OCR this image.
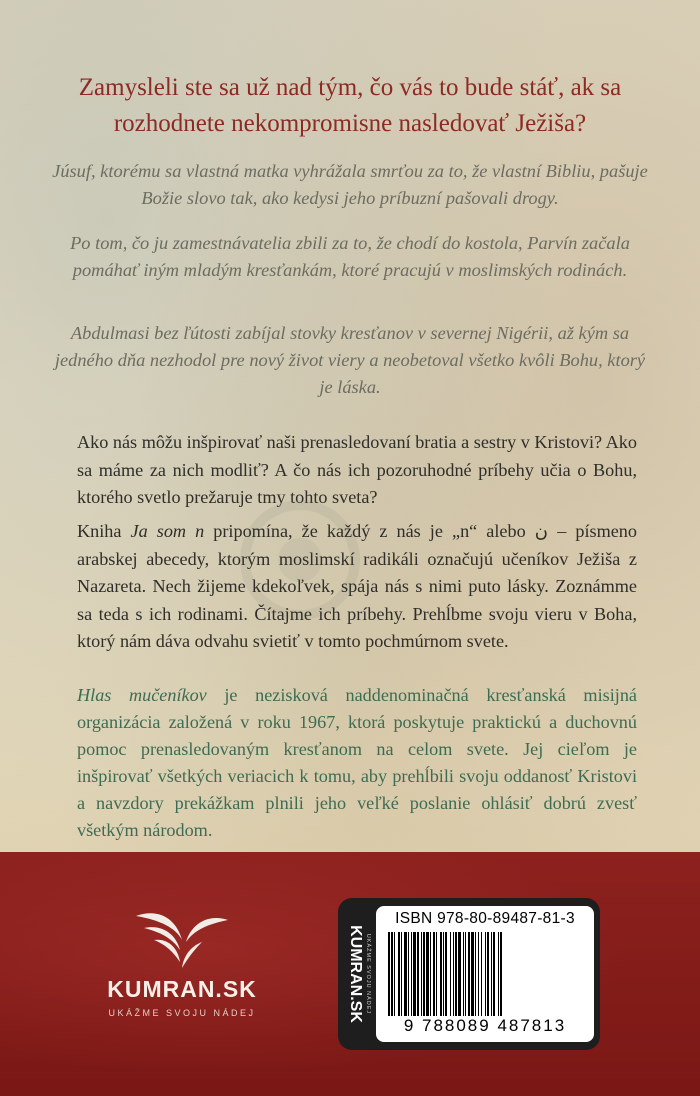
Zamysleli ste sa už nad tým, čo vás to bude stáť, ak sa rozhodnete nekompromisne nasledovať Ježiša?

Júsuf, ktorému sa vlastná matka vyhrážala smrťou za to, že vlastní Bibliu, pašuje Božie slovo tak, ako kedysi jeho príbuzní pašovali drogy.

Po tom, čo ju zamestnávatelia zbili za to, že chodí do kostola, Parvín začala pomáhať iným mladým kresťankám, ktoré pracujú v moslimských rodinách.

Abdulmasi bez ľútosti zabíjal stovky kresťanov v severnej Nigérii, až kým sa jedného dňa nezhodol pre nový život viery a neobetoval všetko kvôli Bohu, ktorý je láska.

Ako nás môžu inšpirovať naši prenasledovaní bratia a sestry v Kristovi? Ako sa máme za nich modliť? A čo nás ich pozoruhodné príbehy učia o Bohu, ktorého svetlo prežaruje tmy tohto sveta?

Kniha Ja som n pripomína, že každý z nás je „n“ alebo ن – písmeno arabskej abecedy, ktorým moslimskí radikáli označujú učeníkov Ježiša z Nazareta. Nech žijeme kdekoľvek, spája nás s nimi puto lásky. Zoznámme sa teda s ich rodinami. Čítajme ich príbehy. Prehĺbme svoju vieru v Boha, ktorý nám dáva odvahu svietiť v tomto pochmúrnom svete.

Hlas mučeníkov je nezisková naddenominačná kresťanská misijná organizácia založená v roku 1967, ktorá poskytuje praktickú a duchovnú pomoc prenasledovaným kresťanom na celom svete. Jej cieľom je inšpirovať všetkých veriacich k tomu, aby prehĺbili svoju oddanosť Kristovi a navzdory prekážkam plnili jeho veľké poslanie ohlásiť dobrú zvesť všetkým národom.

KUMRAN.SK
UKÁŽME SVOJU NÁDEJ	KUMRAN.SK UKÁŽME SVOJU NÁDEJ
ISBN 978-80-89487-81-3
9 788089 487813
